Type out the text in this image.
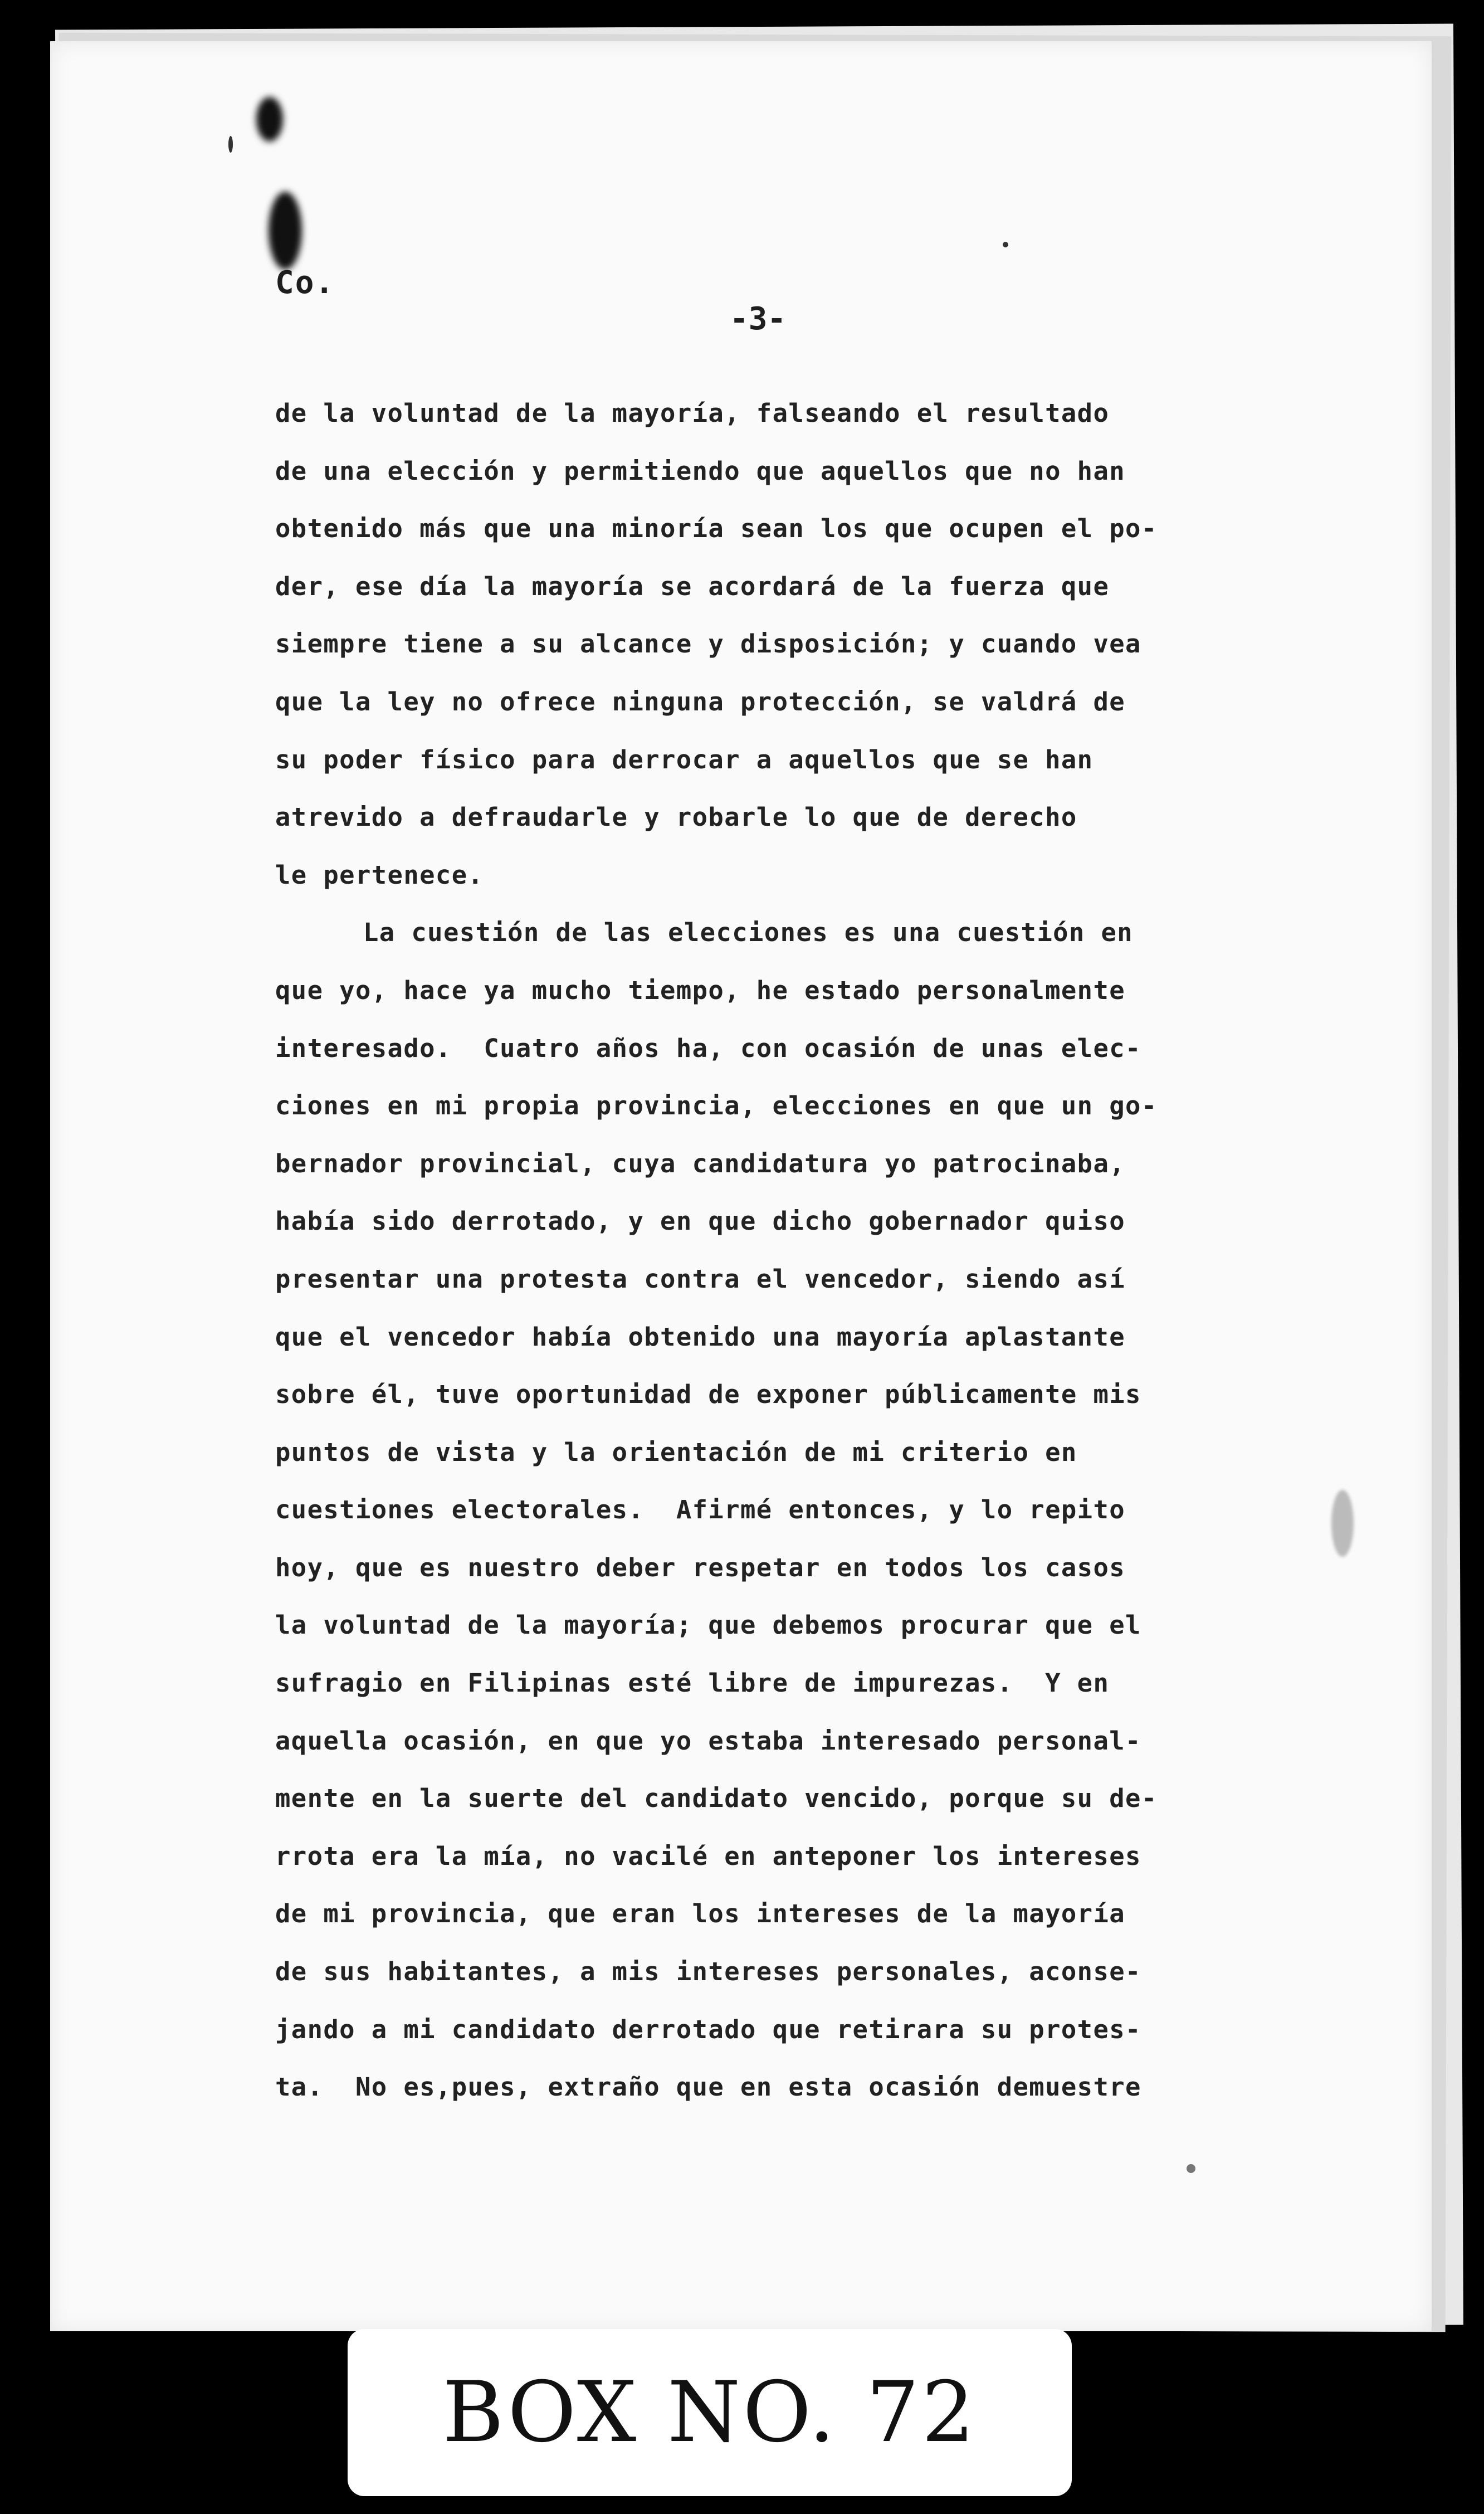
Co.
-3-
de la voluntad de la mayoría, falseando el resultado
de una elección y permitiendo que aquellos que no han
obtenido más que una minoría sean los que ocupen el po-
der, ese día la mayoría se acordará de la fuerza que
siempre tiene a su alcance y disposición; y cuando vea
que la ley no ofrece ninguna protección, se valdrá de
su poder físico para derrocar a aquellos que se han
atrevido a defraudarle y robarle lo que de derecho
le pertenece.
La cuestión de las elecciones es una cuestión en
que yo, hace ya mucho tiempo, he estado personalmente
interesado.  Cuatro años ha, con ocasión de unas elec-
ciones en mi propia provincia, elecciones en que un go-
bernador provincial, cuya candidatura yo patrocinaba,
había sido derrotado, y en que dicho gobernador quiso
presentar una protesta contra el vencedor, siendo así
que el vencedor había obtenido una mayoría aplastante
sobre él, tuve oportunidad de exponer públicamente mis
puntos de vista y la orientación de mi criterio en
cuestiones electorales.  Afirmé entonces, y lo repito
hoy, que es nuestro deber respetar en todos los casos
la voluntad de la mayoría; que debemos procurar que el
sufragio en Filipinas esté libre de impurezas.  Y en
aquella ocasión, en que yo estaba interesado personal-
mente en la suerte del candidato vencido, porque su de-
rrota era la mía, no vacilé en anteponer los intereses
de mi provincia, que eran los intereses de la mayoría
de sus habitantes, a mis intereses personales, aconse-
jando a mi candidato derrotado que retirara su protes-
ta.  No es,pues, extraño que en esta ocasión demuestre
BOX NO. 72
